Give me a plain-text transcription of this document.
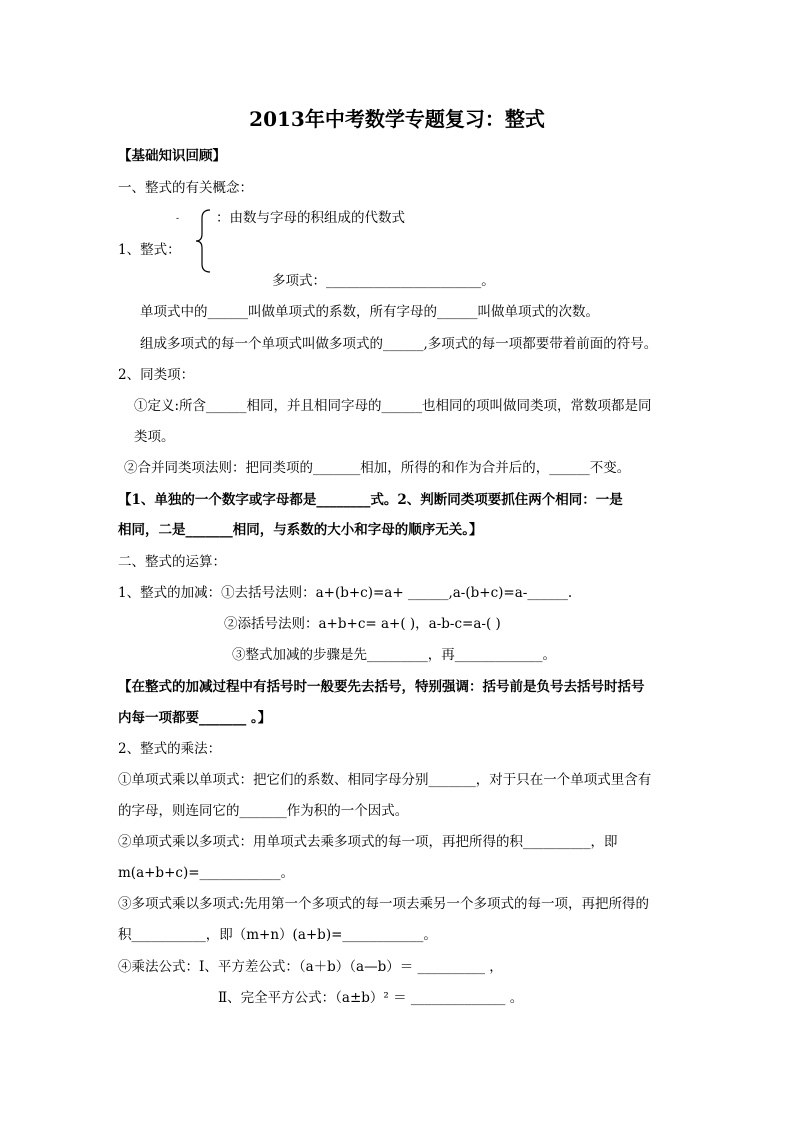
2013年中考数学专题复习：整式
【基础知识回顾】
一、整式的有关概念：
-	：由数与字母的积组成的代数式
1、整式：
多项式：_______________________。
单项式中的______叫做单项式的系数，所有字母的______叫做单项式的次数。
组成多项式的每一个单项式叫做多项式的______,多项式的每一项都要带着前面的符号。
2、同类项：
①定义:所含______相同，并且相同字母的______也相同的项叫做同类项，常数项都是同
类项。
②合并同类项法则：把同类项的_______相加，所得的和作为合并后的，______不变。
【1、单独的一个数字或字母都是________式。2、判断同类项要抓住两个相同：一是
相同，二是_______相同，与系数的大小和字母的顺序无关。】
二、整式的运算：
1、整式的加减：①去括号法则：a+(b+c)=a+ ______,a-(b+c)=a-______.
②添括号法则：a+b+c= a+( )，a-b-c=a-( )
③整式加减的步骤是先_________，再_____________。
【在整式的加减过程中有括号时一般要先去括号，特别强调：括号前是负号去括号时括号
内每一项都要_______ 。】
2、整式的乘法：
①单项式乘以单项式：把它们的系数、相同字母分别_______，对于只在一个单项式里含有
的字母，则连同它的_______作为积的一个因式。
②单项式乘以多项式：用单项式去乘多项式的每一项，再把所得的积__________，即
m(a+b+c)=____________。
③多项式乘以多项式:先用第一个多项式的每一项去乘另一个多项式的每一项，再把所得的
积___________，即（m+n）(a+b)=____________。
④乘法公式：Ⅰ、平方差公式：（a＋b）（a—b）＝ __________ ，
Ⅱ、完全平方公式：（a±b）² ＝ ______________ 。
